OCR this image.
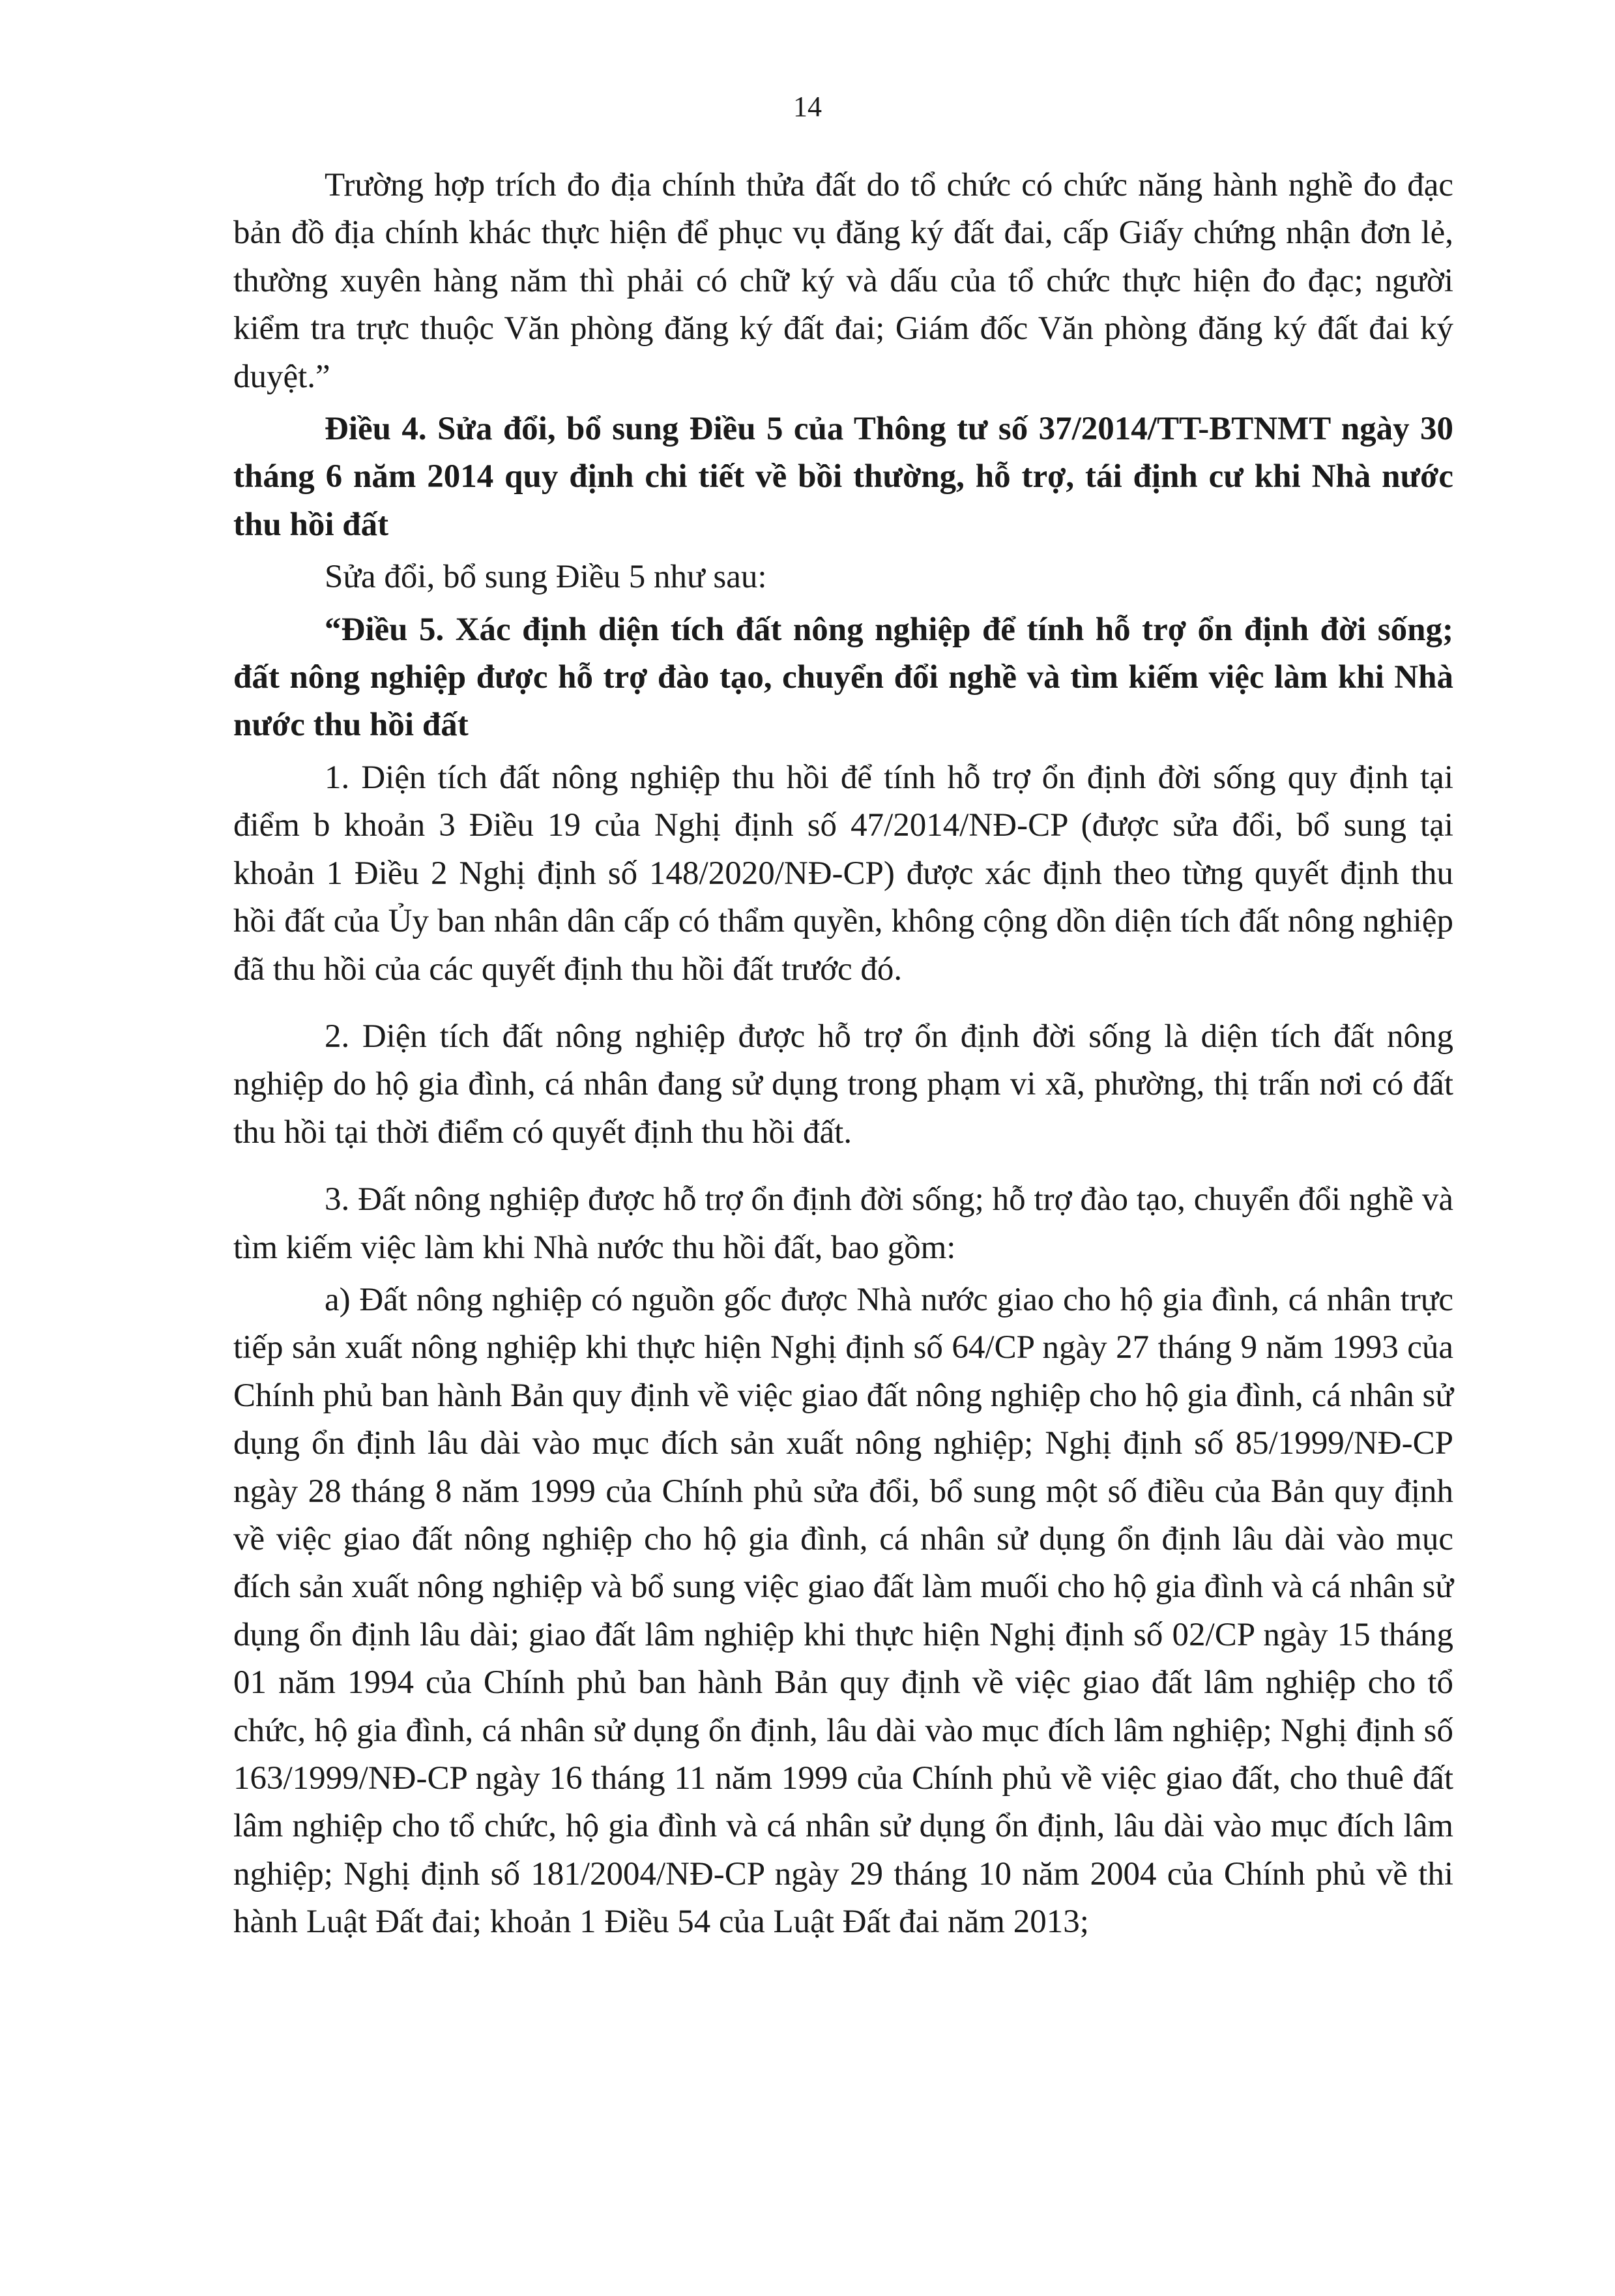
14

Trường hợp trích đo địa chính thửa đất do tổ chức có chức năng hành nghề đo đạc bản đồ địa chính khác thực hiện để phục vụ đăng ký đất đai, cấp Giấy chứng nhận đơn lẻ, thường xuyên hàng năm thì phải có chữ ký và dấu của tổ chức thực hiện đo đạc; người kiểm tra trực thuộc Văn phòng đăng ký đất đai; Giám đốc Văn phòng đăng ký đất đai ký duyệt.”

Điều 4. Sửa đổi, bổ sung Điều 5 của Thông tư số 37/2014/TT-BTNMT ngày 30 tháng 6 năm 2014 quy định chi tiết về bồi thường, hỗ trợ, tái định cư khi Nhà nước thu hồi đất

Sửa đổi, bổ sung Điều 5 như sau:

“Điều 5. Xác định diện tích đất nông nghiệp để tính hỗ trợ ổn định đời sống; đất nông nghiệp được hỗ trợ đào tạo, chuyển đổi nghề và tìm kiếm việc làm khi Nhà nước thu hồi đất

1. Diện tích đất nông nghiệp thu hồi để tính hỗ trợ ổn định đời sống quy định tại điểm b khoản 3 Điều 19 của Nghị định số 47/2014/NĐ-CP (được sửa đổi, bổ sung tại khoản 1 Điều 2 Nghị định số 148/2020/NĐ-CP) được xác định theo từng quyết định thu hồi đất của Ủy ban nhân dân cấp có thẩm quyền, không cộng dồn diện tích đất nông nghiệp đã thu hồi của các quyết định thu hồi đất trước đó.

2. Diện tích đất nông nghiệp được hỗ trợ ổn định đời sống là diện tích đất nông nghiệp do hộ gia đình, cá nhân đang sử dụng trong phạm vi xã, phường, thị trấn nơi có đất thu hồi tại thời điểm có quyết định thu hồi đất.

3. Đất nông nghiệp được hỗ trợ ổn định đời sống; hỗ trợ đào tạo, chuyển đổi nghề và tìm kiếm việc làm khi Nhà nước thu hồi đất, bao gồm:

a) Đất nông nghiệp có nguồn gốc được Nhà nước giao cho hộ gia đình, cá nhân trực tiếp sản xuất nông nghiệp khi thực hiện Nghị định số 64/CP ngày 27 tháng 9 năm 1993 của Chính phủ ban hành Bản quy định về việc giao đất nông nghiệp cho hộ gia đình, cá nhân sử dụng ổn định lâu dài vào mục đích sản xuất nông nghiệp; Nghị định số 85/1999/NĐ-CP ngày 28 tháng 8 năm 1999 của Chính phủ sửa đổi, bổ sung một số điều của Bản quy định về việc giao đất nông nghiệp cho hộ gia đình, cá nhân sử dụng ổn định lâu dài vào mục đích sản xuất nông nghiệp và bổ sung việc giao đất làm muối cho hộ gia đình và cá nhân sử dụng ổn định lâu dài; giao đất lâm nghiệp khi thực hiện Nghị định số 02/CP ngày 15 tháng 01 năm 1994 của Chính phủ ban hành Bản quy định về việc giao đất lâm nghiệp cho tổ chức, hộ gia đình, cá nhân sử dụng ổn định, lâu dài vào mục đích lâm nghiệp; Nghị định số 163/1999/NĐ-CP ngày 16 tháng 11 năm 1999 của Chính phủ về việc giao đất, cho thuê đất lâm nghiệp cho tổ chức, hộ gia đình và cá nhân sử dụng ổn định, lâu dài vào mục đích lâm nghiệp; Nghị định số 181/2004/NĐ-CP ngày 29 tháng 10 năm 2004 của Chính phủ về thi hành Luật Đất đai; khoản 1 Điều 54 của Luật Đất đai năm 2013;
